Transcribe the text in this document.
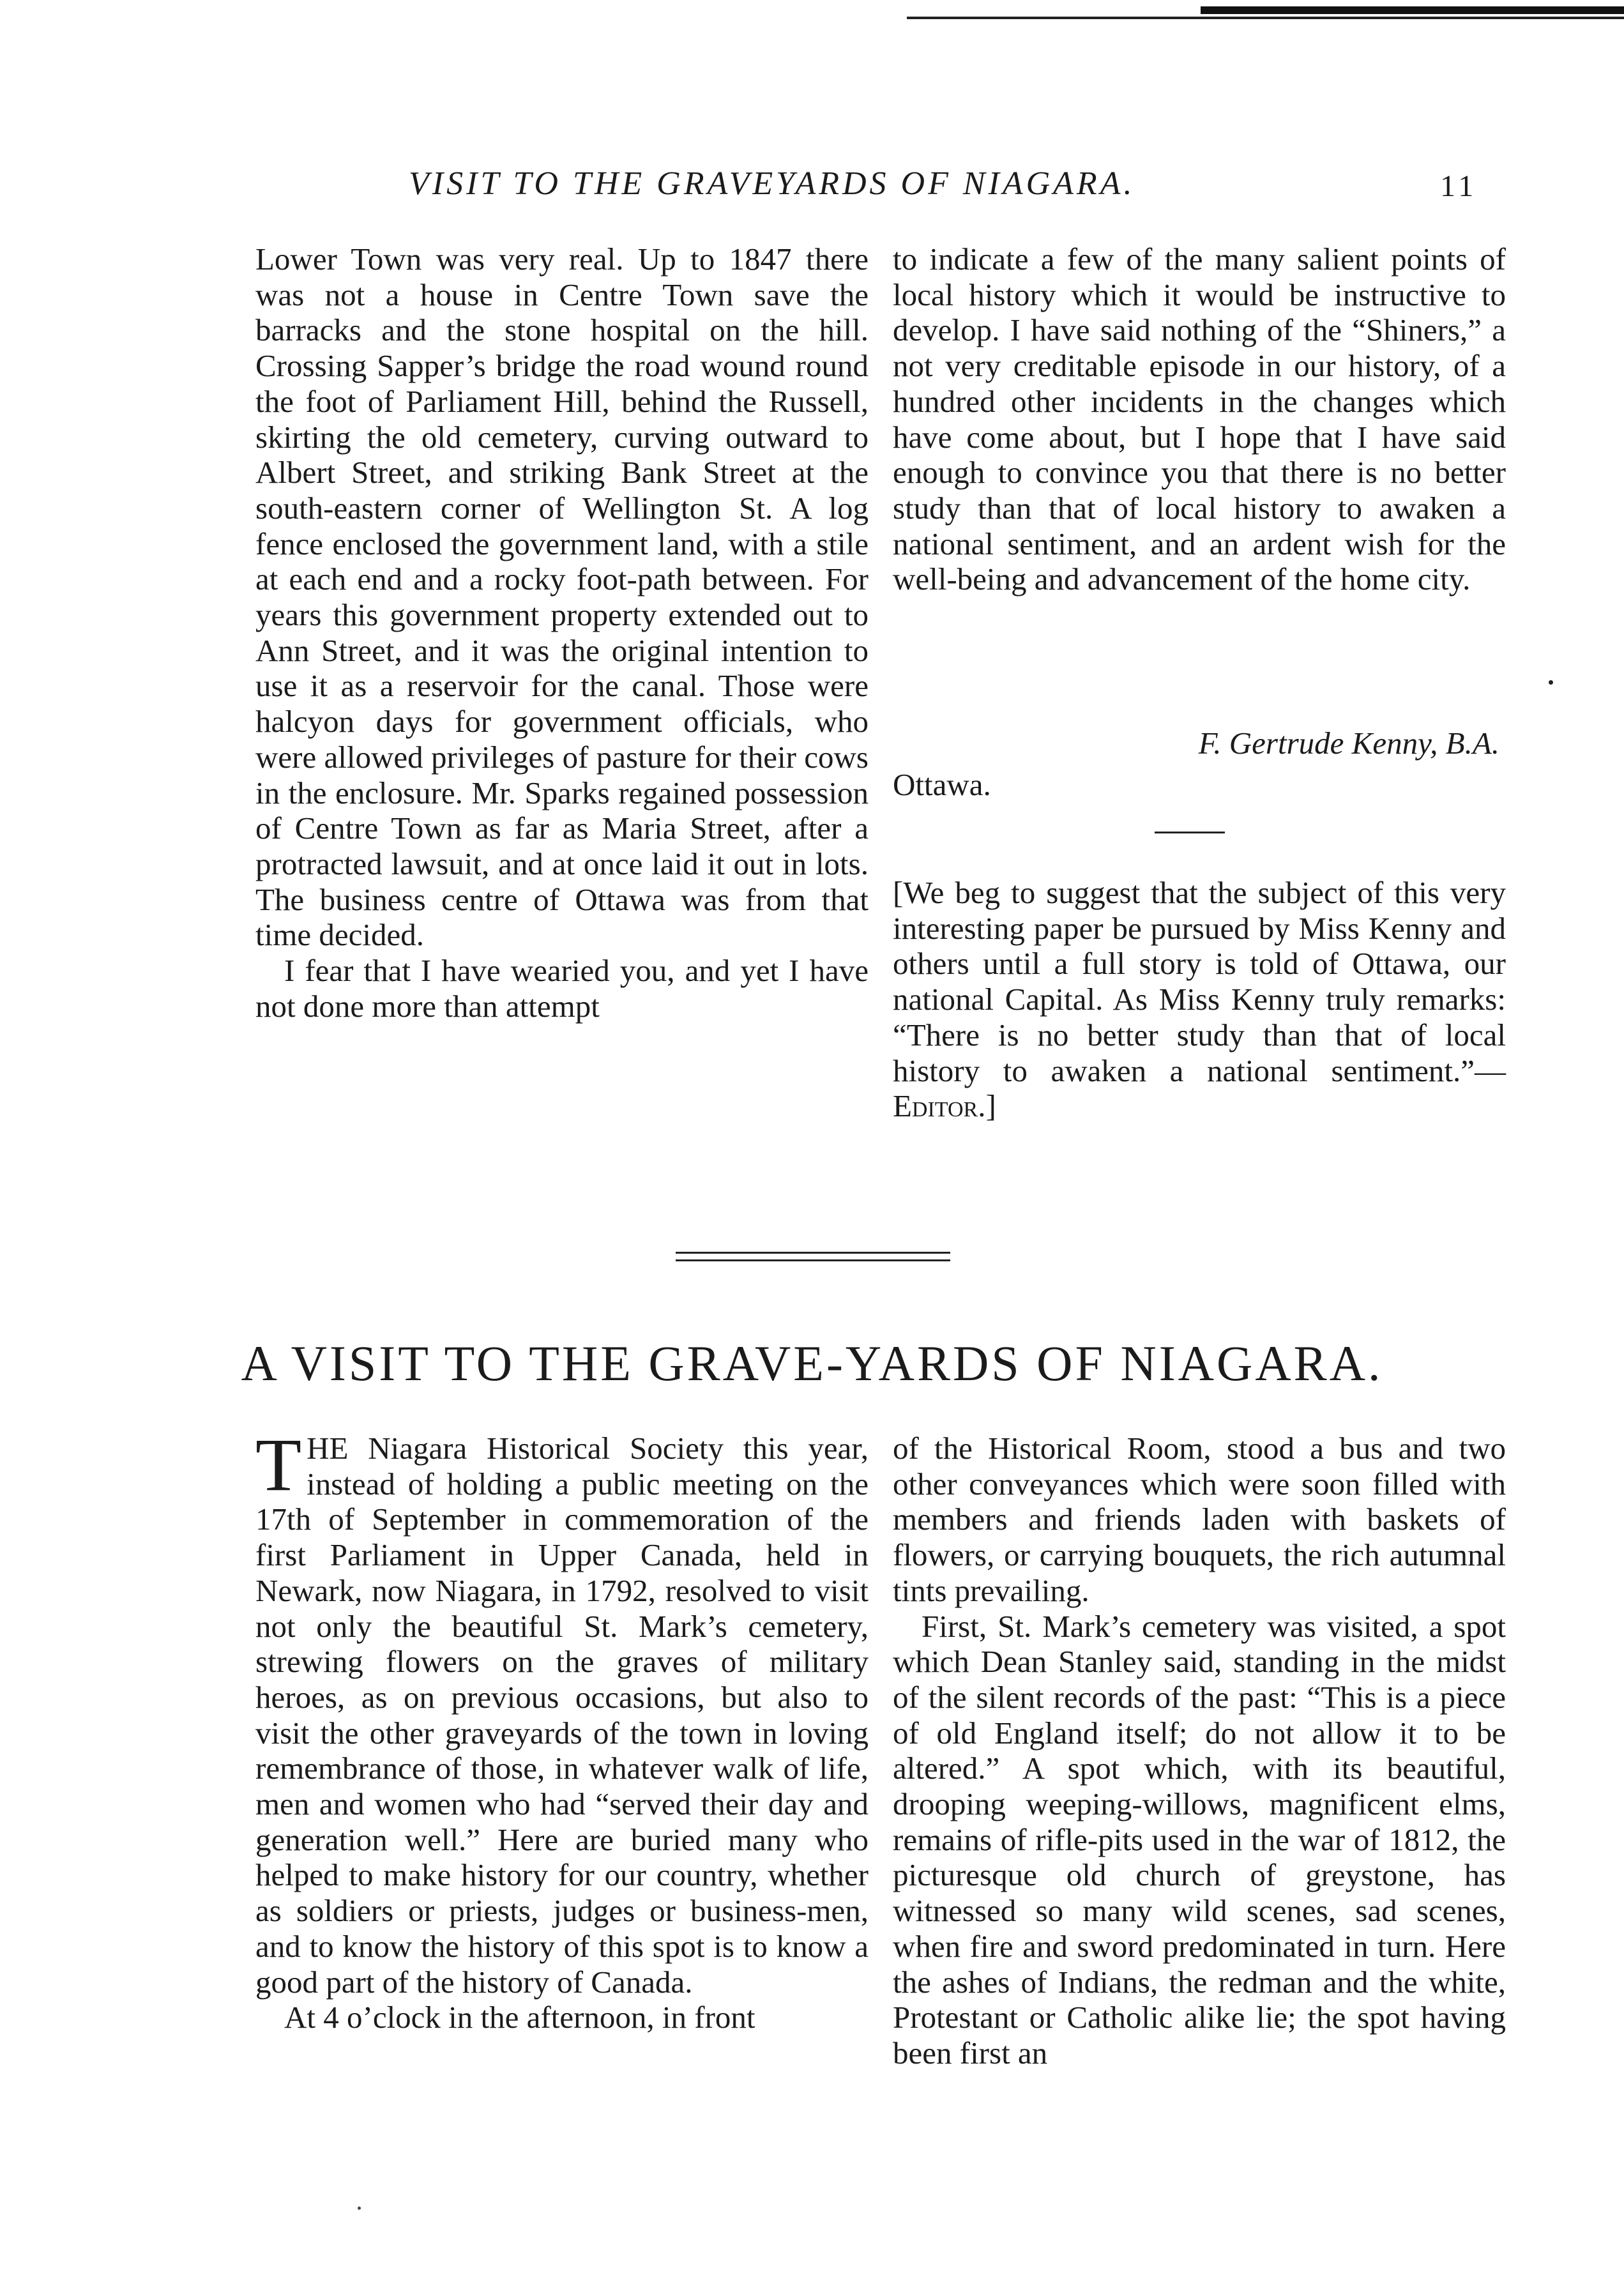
VISIT TO THE GRAVEYARDS OF NIAGARA.	11

Lower Town was very real. Up to 1847 there was not a house in Centre Town save the barracks and the stone hospital on the hill. Crossing Sapper’s bridge the road wound round the foot of Parliament Hill, behind the Russell, skirting the old cemetery, curving outward to Albert Street, and striking Bank Street at the south-eastern corner of Wellington St. A log fence enclosed the government land, with a stile at each end and a rocky foot-path between. For years this government property extended out to Ann Street, and it was the original intention to use it as a reservoir for the canal. Those were halcyon days for government officials, who were allowed privileges of pasture for their cows in the enclosure. Mr. Sparks regained possession of Centre Town as far as Maria Street, after a protracted lawsuit, and at once laid it out in lots. The business centre of Ottawa was from that time decided.

I fear that I have wearied you, and yet I have not done more than attempt

to indicate a few of the many salient points of local history which it would be instructive to develop. I have said nothing of the “Shiners,” a not very creditable episode in our history, of a hundred other incidents in the changes which have come about, but I hope that I have said enough to convince you that there is no better study than that of local history to awaken a national sentiment, and an ardent wish for the well-being and advancement of the home city.

F. Gertrude Kenny, B.A.
Ottawa.

[We beg to suggest that the subject of this very interesting paper be pursued by Miss Kenny and others until a full story is told of Ottawa, our national Capital. As Miss Kenny truly remarks: “There is no better study than that of local history to awaken a national sentiment.”—Editor.]

A VISIT TO THE GRAVE-YARDS OF NIAGARA.

THE Niagara Historical Society this year, instead of holding a public meeting on the 17th of September in commemoration of the first Parliament in Upper Canada, held in Newark, now Niagara, in 1792, resolved to visit not only the beautiful St. Mark’s cemetery, strewing flowers on the graves of military heroes, as on previous occasions, but also to visit the other graveyards of the town in loving remembrance of those, in whatever walk of life, men and women who had “served their day and generation well.” Here are buried many who helped to make history for our country, whether as soldiers or priests, judges or business-men, and to know the history of this spot is to know a good part of the history of Canada.

At 4 o’clock in the afternoon, in front

of the Historical Room, stood a bus and two other conveyances which were soon filled with members and friends laden with baskets of flowers, or carrying bouquets, the rich autumnal tints prevailing.

First, St. Mark’s cemetery was visited, a spot which Dean Stanley said, standing in the midst of the silent records of the past: “This is a piece of old England itself; do not allow it to be altered.” A spot which, with its beautiful, drooping weeping-willows, magnificent elms, remains of rifle-pits used in the war of 1812, the picturesque old church of greystone, has witnessed so many wild scenes, sad scenes, when fire and sword predominated in turn. Here the ashes of Indians, the redman and the white, Protestant or Catholic alike lie; the spot having been first an
